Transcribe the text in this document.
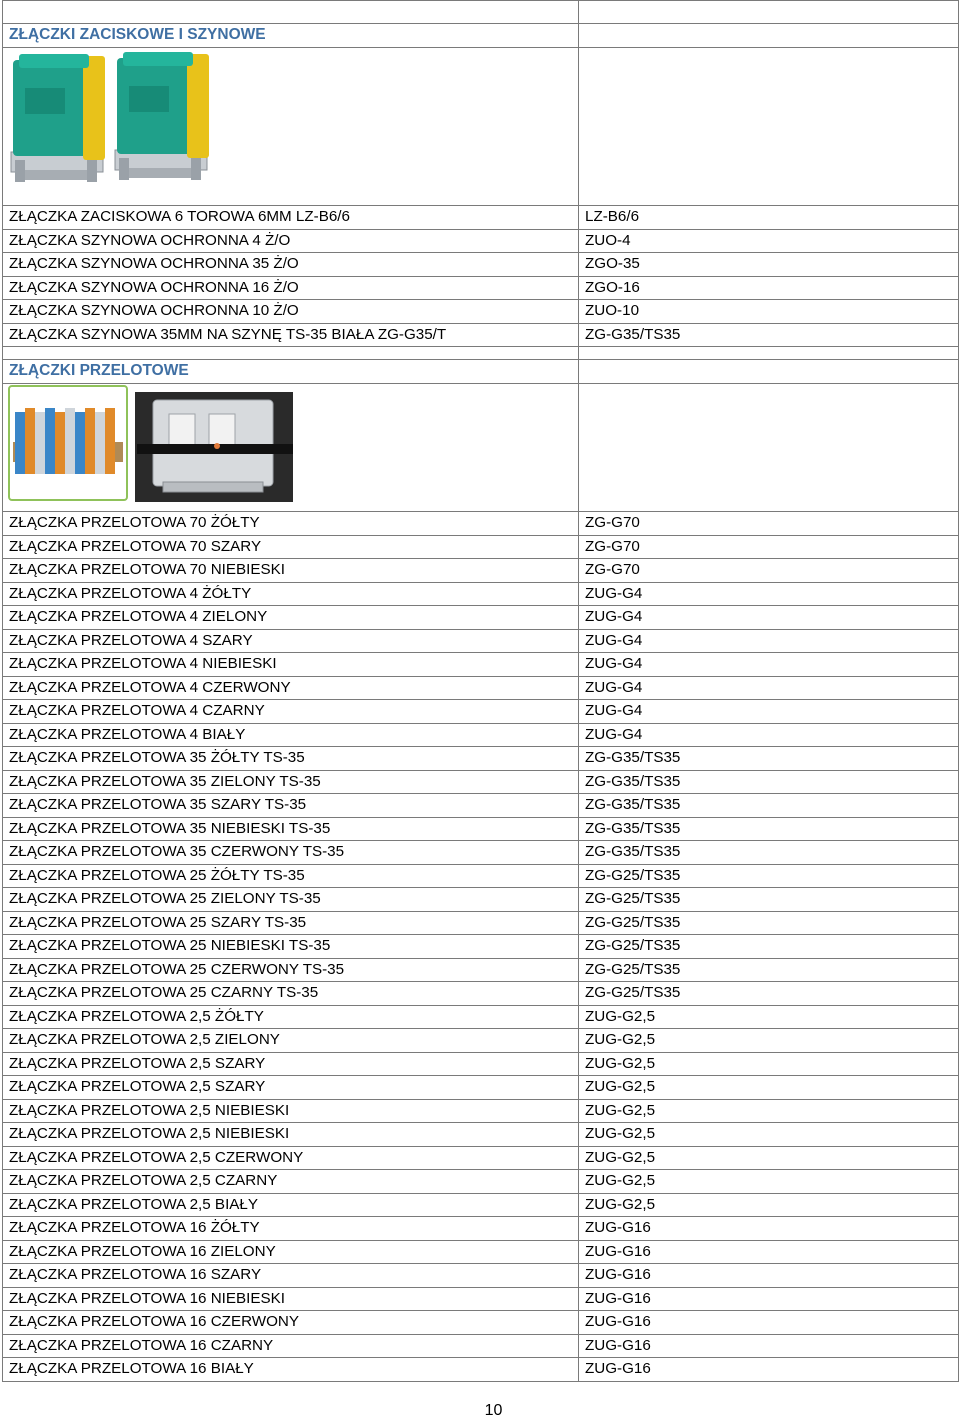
ZŁĄCZKI ZACISKOWE I SZYNOWE	

ZŁĄCZKA ZACISKOWA 6 TOROWA 6MM LZ-B6/6	LZ-B6/6
ZŁĄCZKA SZYNOWA OCHRONNA 4 Ż/O	ZUO-4
ZŁĄCZKA SZYNOWA OCHRONNA 35 Ż/O	ZGO-35
ZŁĄCZKA SZYNOWA OCHRONNA 16 Ż/O	ZGO-16
ZŁĄCZKA SZYNOWA OCHRONNA 10 Ż/O	ZUO-10
ZŁĄCZKA SZYNOWA 35MM NA SZYNĘ TS-35 BIAŁA ZG-G35/T	ZG-G35/TS35

ZŁĄCZKI PRZELOTOWE	

ZŁĄCZKA PRZELOTOWA 70 ŻÓŁTY	ZG-G70
ZŁĄCZKA PRZELOTOWA 70 SZARY	ZG-G70
ZŁĄCZKA PRZELOTOWA 70 NIEBIESKI	ZG-G70
ZŁĄCZKA PRZELOTOWA 4 ŻÓŁTY	ZUG-G4
ZŁĄCZKA PRZELOTOWA 4 ZIELONY	ZUG-G4
ZŁĄCZKA PRZELOTOWA 4 SZARY	ZUG-G4
ZŁĄCZKA PRZELOTOWA 4 NIEBIESKI	ZUG-G4
ZŁĄCZKA PRZELOTOWA 4 CZERWONY	ZUG-G4
ZŁĄCZKA PRZELOTOWA 4 CZARNY	ZUG-G4
ZŁĄCZKA PRZELOTOWA 4 BIAŁY	ZUG-G4
ZŁĄCZKA PRZELOTOWA 35 ŻÓŁTY TS-35	ZG-G35/TS35
ZŁĄCZKA PRZELOTOWA 35 ZIELONY TS-35	ZG-G35/TS35
ZŁĄCZKA PRZELOTOWA 35 SZARY TS-35	ZG-G35/TS35
ZŁĄCZKA PRZELOTOWA 35 NIEBIESKI TS-35	ZG-G35/TS35
ZŁĄCZKA PRZELOTOWA 35 CZERWONY TS-35	ZG-G35/TS35
ZŁĄCZKA PRZELOTOWA 25 ŻÓŁTY TS-35	ZG-G25/TS35
ZŁĄCZKA PRZELOTOWA 25 ZIELONY TS-35	ZG-G25/TS35
ZŁĄCZKA PRZELOTOWA 25 SZARY TS-35	ZG-G25/TS35
ZŁĄCZKA PRZELOTOWA 25 NIEBIESKI TS-35	ZG-G25/TS35
ZŁĄCZKA PRZELOTOWA 25 CZERWONY TS-35	ZG-G25/TS35
ZŁĄCZKA PRZELOTOWA 25 CZARNY TS-35	ZG-G25/TS35
ZŁĄCZKA PRZELOTOWA 2,5 ŻÓŁTY	ZUG-G2,5
ZŁĄCZKA PRZELOTOWA 2,5 ZIELONY	ZUG-G2,5
ZŁĄCZKA PRZELOTOWA 2,5 SZARY	ZUG-G2,5
ZŁĄCZKA PRZELOTOWA 2,5 SZARY	ZUG-G2,5
ZŁĄCZKA PRZELOTOWA 2,5 NIEBIESKI	ZUG-G2,5
ZŁĄCZKA PRZELOTOWA 2,5 NIEBIESKI	ZUG-G2,5
ZŁĄCZKA PRZELOTOWA 2,5 CZERWONY	ZUG-G2,5
ZŁĄCZKA PRZELOTOWA 2,5 CZARNY	ZUG-G2,5
ZŁĄCZKA PRZELOTOWA 2,5 BIAŁY	ZUG-G2,5
ZŁĄCZKA PRZELOTOWA 16 ŻÓŁTY	ZUG-G16
ZŁĄCZKA PRZELOTOWA 16 ZIELONY	ZUG-G16
ZŁĄCZKA PRZELOTOWA 16 SZARY	ZUG-G16
ZŁĄCZKA PRZELOTOWA 16 NIEBIESKI	ZUG-G16
ZŁĄCZKA PRZELOTOWA 16 CZERWONY	ZUG-G16
ZŁĄCZKA PRZELOTOWA 16 CZARNY	ZUG-G16
ZŁĄCZKA PRZELOTOWA 16 BIAŁY	ZUG-G16
10
